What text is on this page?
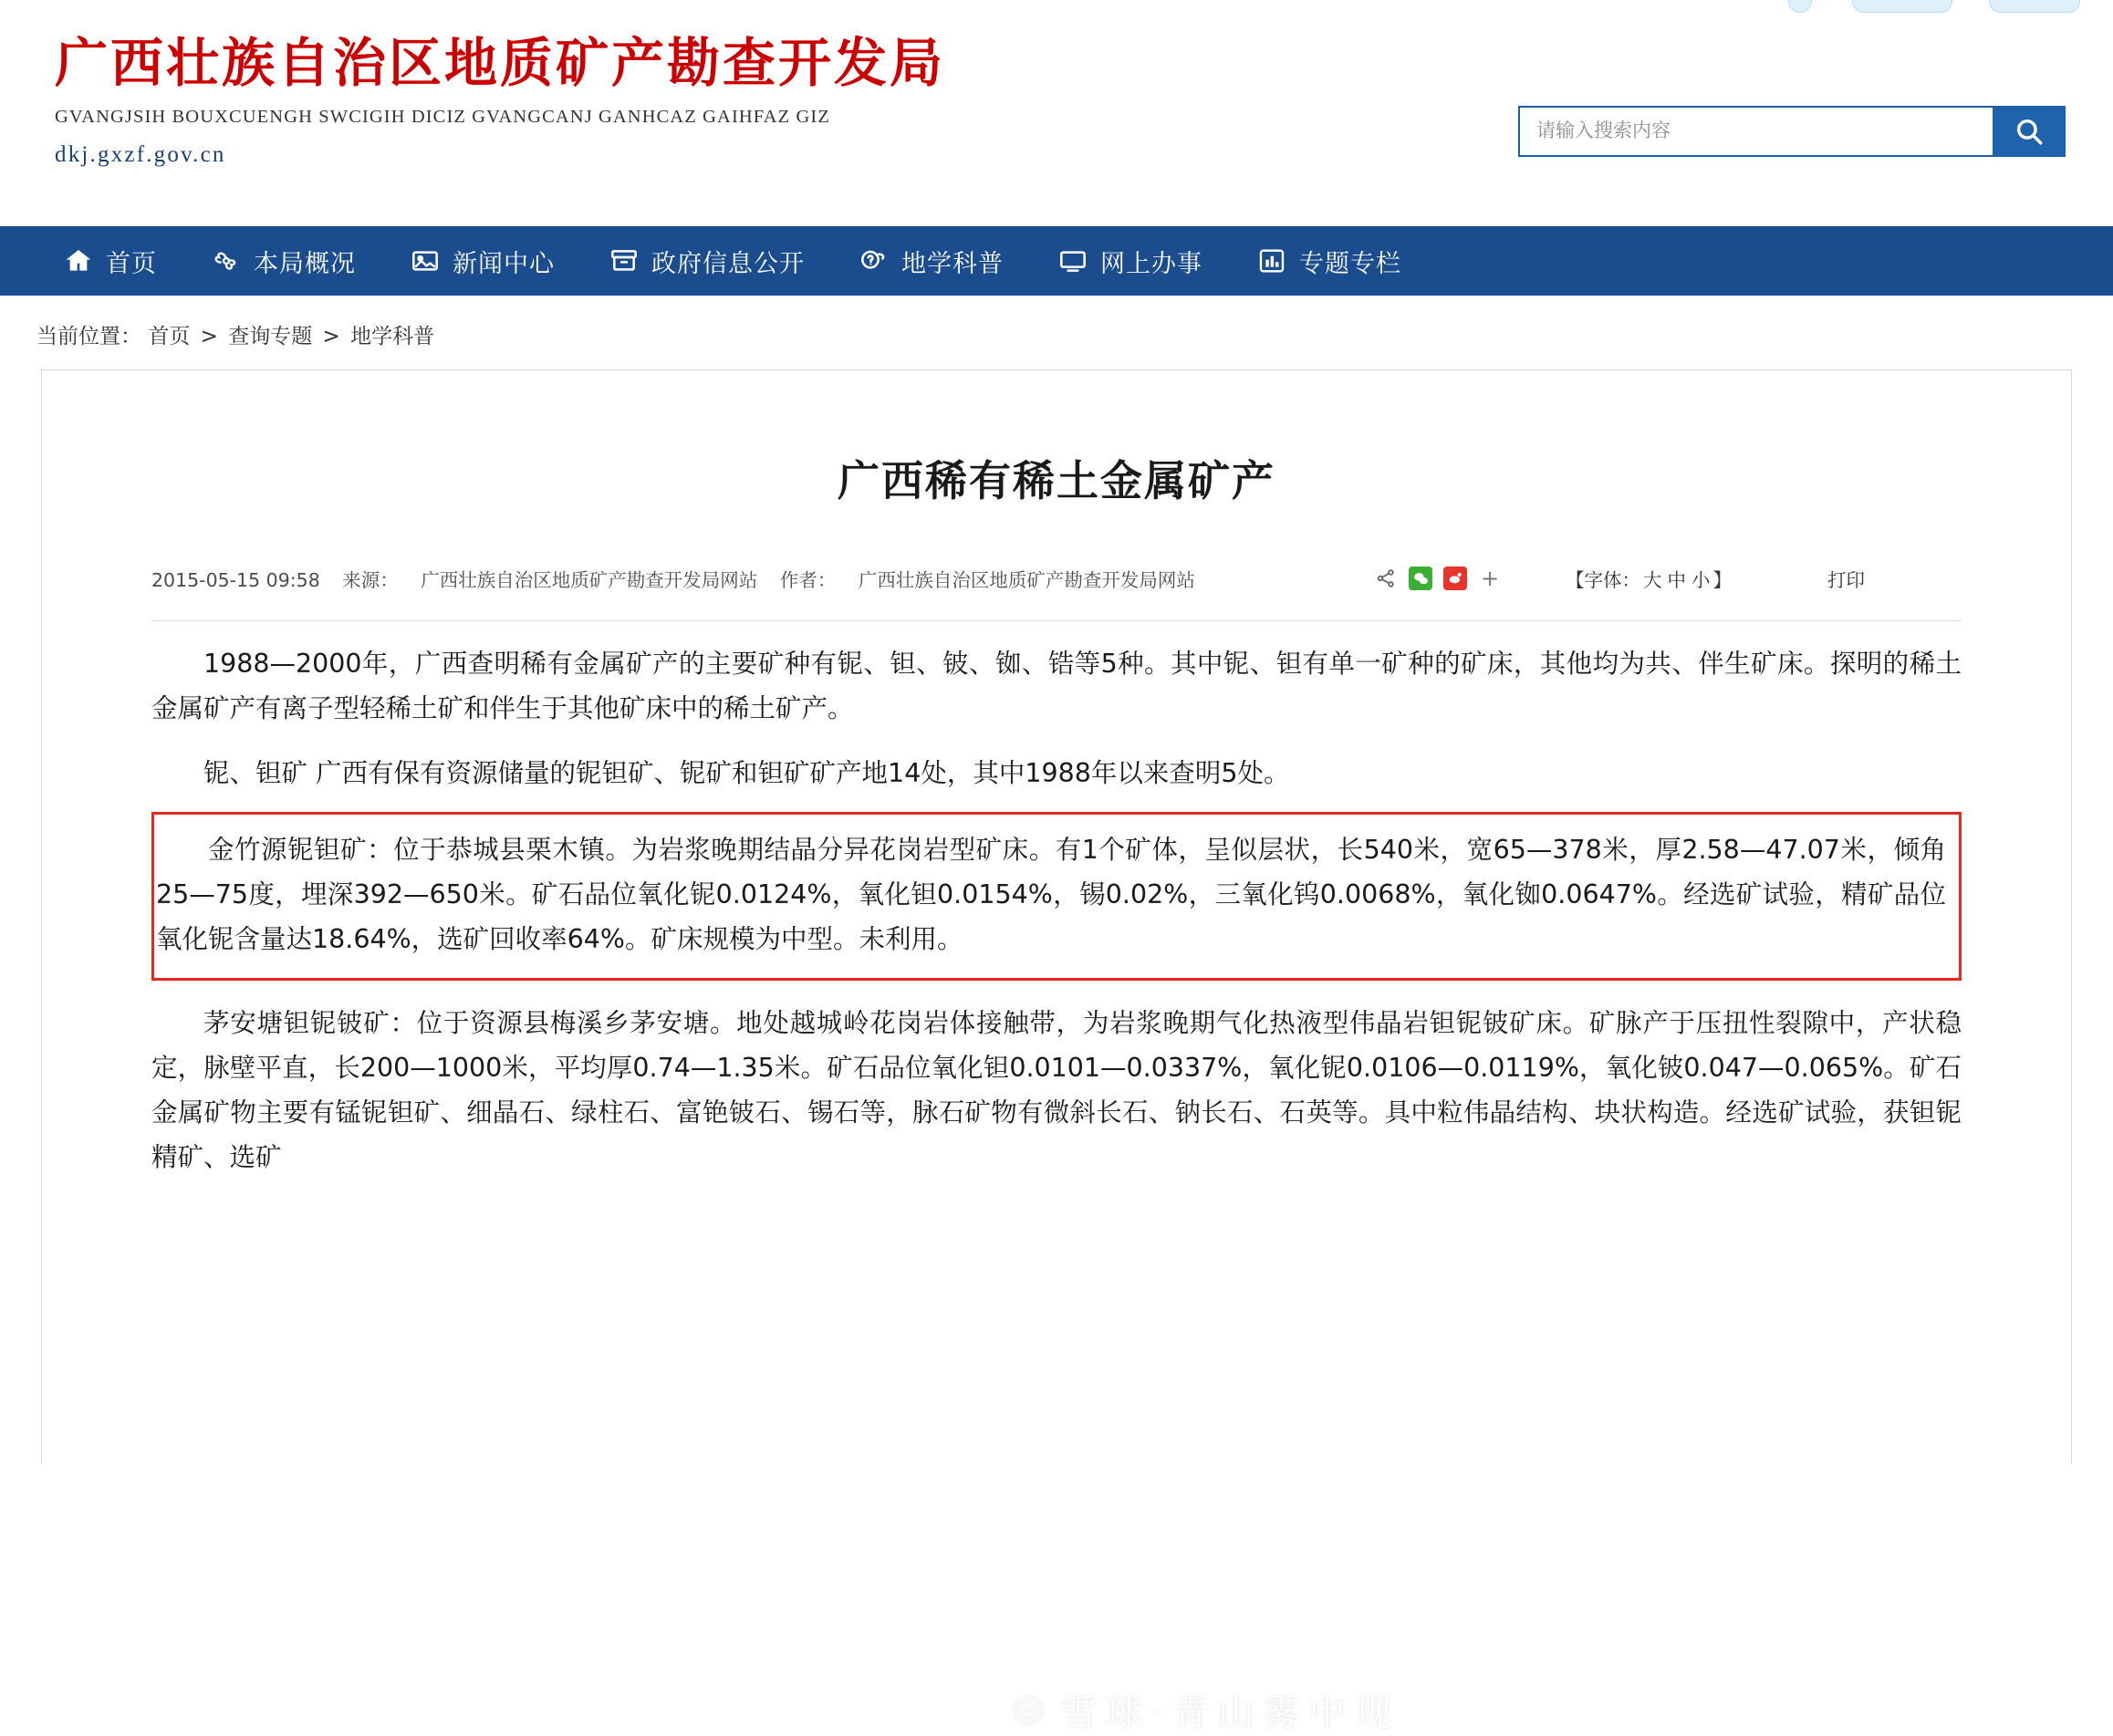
广西壮族自治区地质矿产勘查开发局
GVANGJSIH BOUXCUENGH SWCIGIH DICIZ GVANGCANJ GANHCAZ GAIHFAZ GIZ
dkj.gxzf.gov.cn
请输入搜索内容
首页	本局概况	新闻中心	政府信息公开	地学科普	网上办事	专题专栏
当前位置： 首页 > 查询专题 > 地学科普
广西稀有稀土金属矿产
2015-05-15 09:58 来源： 广西壮族自治区地质矿产勘查开发局网站 作者： 广西壮族自治区地质矿产勘查开发局网站	+	【字体： 大 中 小 】	打印

1988—2000年，广西查明稀有金属矿产的主要矿种有铌、钽、铍、铷、锆等5种。其中铌、钽有单一矿种的矿床，其他均为共、伴生矿床。探明的稀土金属矿产有离子型轻稀土矿和伴生于其他矿床中的稀土矿产。

铌、钽矿 广西有保有资源储量的铌钽矿、铌矿和钽矿矿产地14处，其中1988年以来查明5处。

金竹源铌钽矿：位于恭城县栗木镇。为岩浆晚期结晶分异花岗岩型矿床。有1个矿体，呈似层状，长540米，宽65—378米，厚2.58—47.07米，倾角25—75度，埋深392—650米。矿石品位氧化铌0.0124%，氧化钽0.0154%，锡0.02%，三氧化钨0.0068%，氧化铷0.0647%。经选矿试验，精矿品位氧化铌含量达18.64%，选矿回收率64%。矿床规模为中型。未利用。

茅安塘钽铌铍矿：位于资源县梅溪乡茅安塘。地处越城岭花岗岩体接触带，为岩浆晚期气化热液型伟晶岩钽铌铍矿床。矿脉产于压扭性裂隙中，产状稳定，脉壁平直，长200—1000米，平均厚0.74—1.35米。矿石品位氧化钽0.0101—0.0337%，氧化铌0.0106—0.0119%，氧化铍0.047—0.065%。矿石金属矿物主要有锰铌钽矿、细晶石、绿柱石、富铯铍石、锡石等，脉石矿物有微斜长石、钠长石、石英等。具中粒伟晶结构、块状构造。经选矿试验，获钽铌精矿、选矿

雪球·青山雾中现
